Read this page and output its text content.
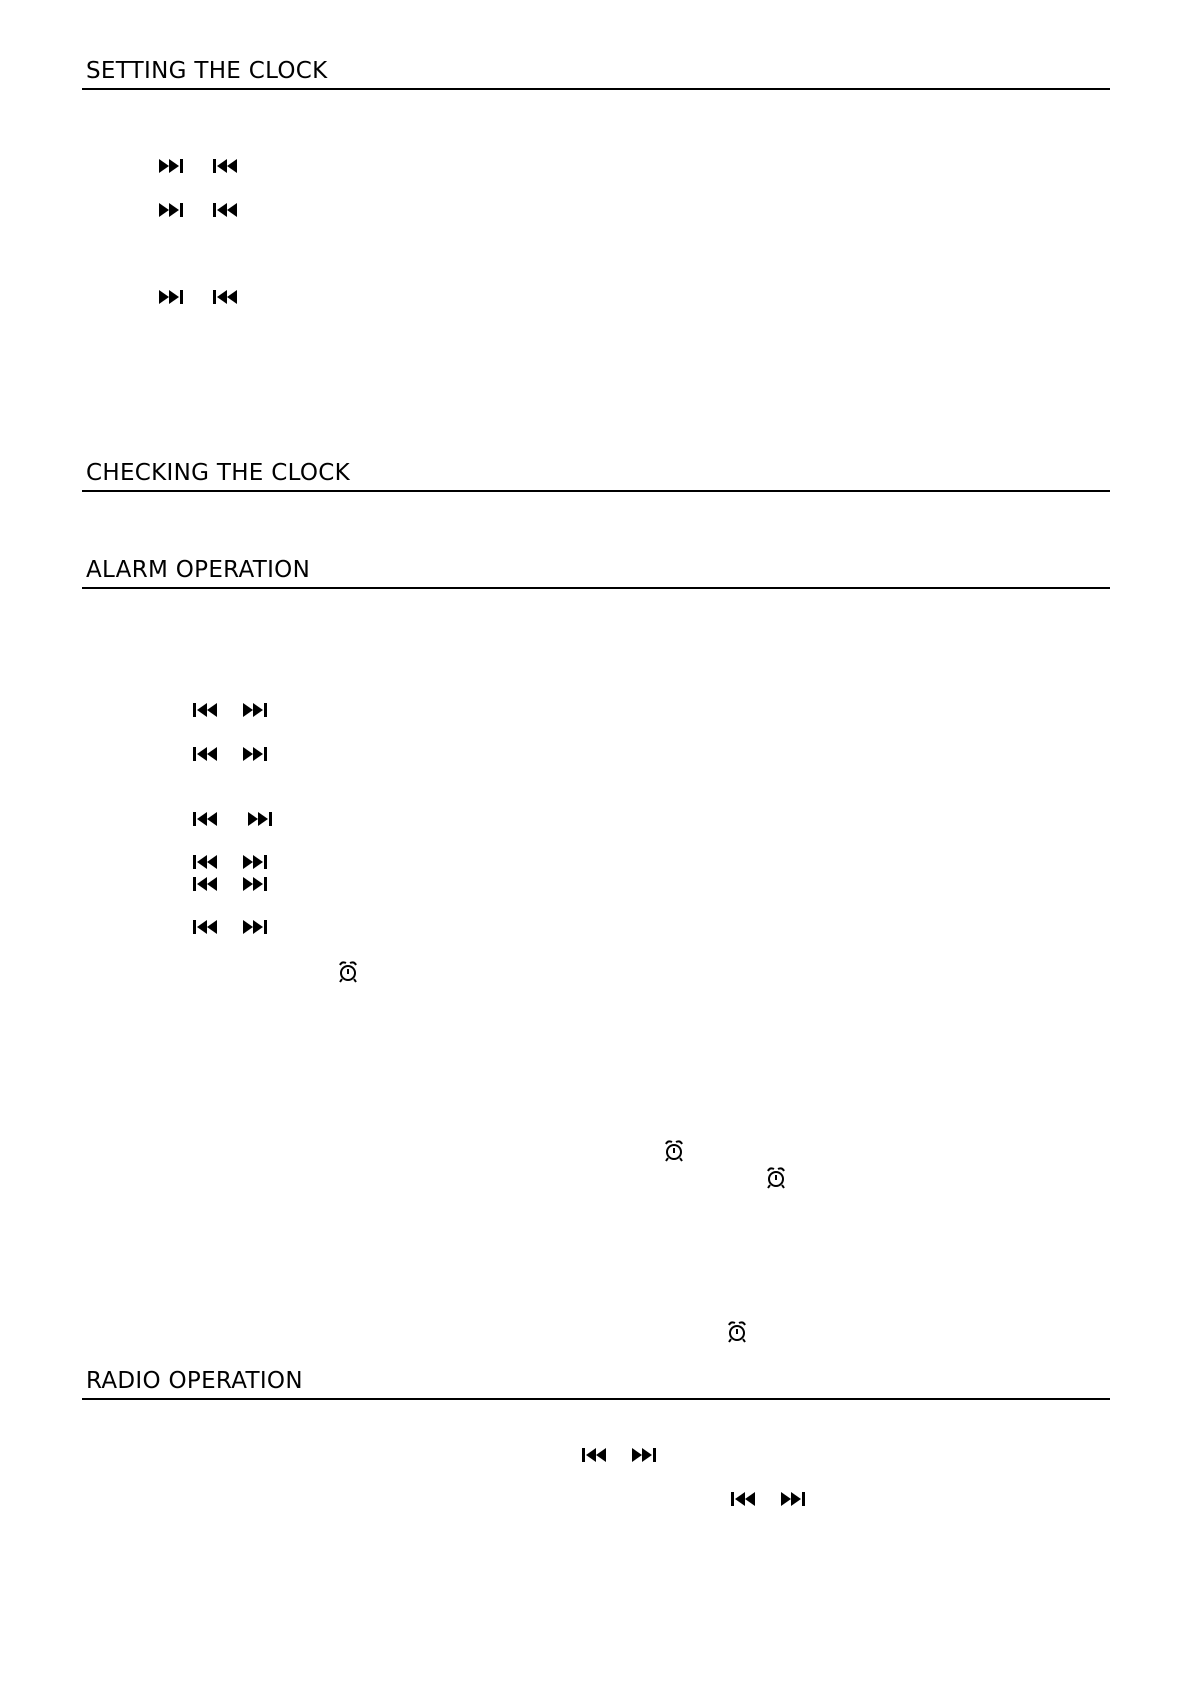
SETTING THE CLOCK
CHECKING THE CLOCK
ALARM OPERATION
RADIO OPERATION
